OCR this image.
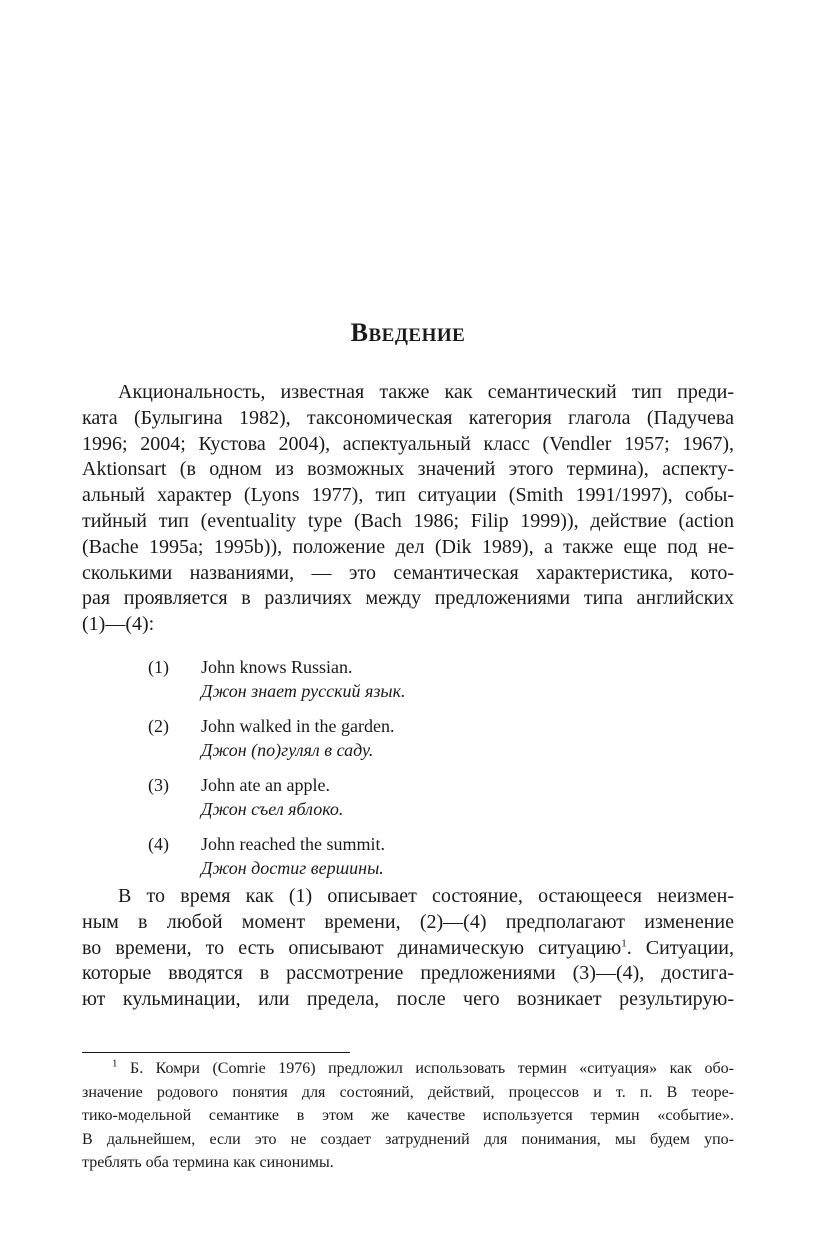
ВВЕДЕНИЕ
Акциональность, известная также как семантический тип преди-
ката (Булыгина 1982), таксономическая категория глагола (Падучева
1996; 2004; Кустова 2004), аспектуальный класс (Vendler 1957; 1967),
Aktionsart (в одном из возможных значений этого термина), аспекту-
альный характер (Lyons 1977), тип ситуации (Smith 1991/1997), собы-
тийный тип (eventuality type (Bach 1986; Filip 1999)), действие (action
(Bache 1995a; 1995b)), положение дел (Dik 1989), а также еще под не-
сколькими названиями, — это семантическая характеристика, кото-
рая проявляется в различиях между предложениями типа английских
(1)—(4):
(1) John knows Russian.
Джон знает русский язык.
(2) John walked in the garden.
Джон (по)гулял в саду.
(3) John ate an apple.
Джон съел яблоко.
(4) John reached the summit.
Джон достиг вершины.
В то время как (1) описывает состояние, остающееся неизмен-
ным в любой момент времени, (2)—(4) предполагают изменение
во времени, то есть описывают динамическую ситуацию$^1$. Ситуации,
которые вводятся в рассмотрение предложениями (3)—(4), достига-
ют кульминации, или предела, после чего возникает результирую-
$^1$ Б. Комри (Comrie 1976) предложил использовать термин «ситуация» как обо-
значение родового понятия для состояний, действий, процессов и т. п. В теорe-
тико-модельной семантике в этом же качестве используется термин «событие».
В дальнейшем, если это не создает затруднений для понимания, мы будем упо-
треблять оба термина как синонимы.
